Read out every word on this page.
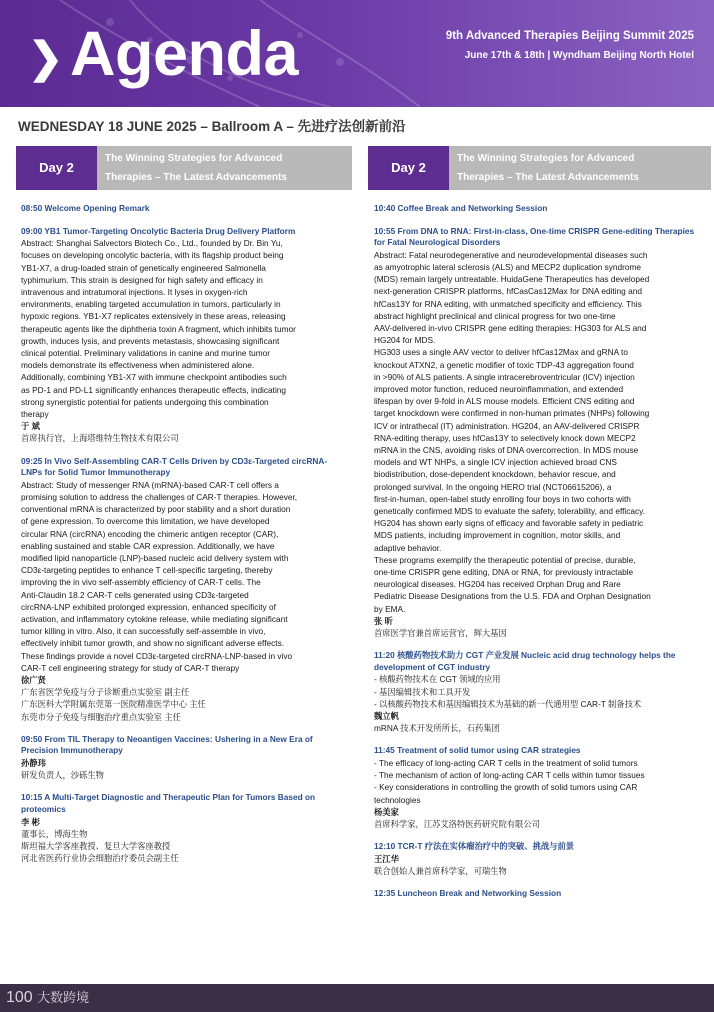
❯ Agenda	9th Advanced Therapies Beijing Summit 2025
June 17th & 18th | Wyndham Beijing North Hotel
WEDNESDAY 18 JUNE 2025 – Ballroom A – 先进疗法创新前沿
Day 2
The Winning Strategies for Advanced
Therapies – The Latest Advancements
Day 2
The Winning Strategies for Advanced
Therapies – The Latest Advancements
08:50 Welcome Opening Remark
09:00 YB1 Tumor-Targeting Oncolytic Bacteria Drug Delivery Platform
Abstract: Shanghai Salvectors Biotech Co., Ltd., founded by Dr. Bin Yu,
focuses on developing oncolytic bacteria, with its flagship product being
YB1-X7, a drug-loaded strain of genetically engineered Salmonella
typhimurium. This strain is designed for high safety and efficacy in
intravenous and intratumoral injections. It lyses in oxygen-rich
environments, enabling targeted accumulation in tumors, particularly in
hypoxic regions. YB1-X7 replicates extensively in these areas, releasing
therapeutic agents like the diphtheria toxin A fragment, which inhibits tumor
growth, induces lysis, and prevents metastasis, showcasing significant
clinical potential. Preliminary validations in canine and murine tumor
models demonstrate its effectiveness when administered alone.
Additionally, combining YB1-X7 with immune checkpoint antibodies such
as PD-1 and PD-L1 significantly enhances therapeutic effects, indicating
strong synergistic potential for patients undergoing this combination
therapy
于 斌
首席执行官，上海塔维特生物技术有限公司
09:25 In Vivo Self-Assembling CAR-T Cells Driven by CD3ε-Targeted circRNA-LNPs for Solid Tumor Immunotherapy
Abstract: Study of messenger RNA (mRNA)-based CAR-T cell offers a
promising solution to address the challenges of CAR-T therapies. However,
conventional mRNA is characterized by poor stability and a short duration
of gene expression. To overcome this limitation, we have developed
circular RNA (circRNA) encoding the chimeric antigen receptor (CAR),
enabling sustained and stable CAR expression. Additionally, we have
modified lipid nanoparticle (LNP)-based nucleic acid delivery system with
CD3ε-targeting peptides to enhance T cell-specific targeting, thereby
improving the in vivo self-assembly efficiency of CAR-T cells. The
Anti-Claudin 18.2 CAR-T cells generated using CD3ε-targeted
circRNA-LNP exhibited prolonged expression, enhanced specificity of
activation, and inflammatory cytokine release, while mediating significant
tumor killing in vitro. Also, it can successfully self-assemble in vivo,
effectively inhibit tumor growth, and show no significant adverse effects.
These findings provide a novel CD3ε-targeted circRNA-LNP-based in vivo
CAR-T cell engineering strategy for study of CAR-T therapy
徐广贤
广东省医学免疫与分子诊断重点实验室 副主任
广东医科大学附属东莞第一医院精准医学中心 主任
东莞市分子免疫与细胞治疗重点实验室 主任
09:50 From TIL Therapy to Neoantigen Vaccines: Ushering in a New Era of Precision Immunotherapy
孙静玮
研发负责人，沙砾生物
10:15 A Multi-Target Diagnostic and Therapeutic Plan for Tumors Based on proteomics
李 彬
董事长，博海生物
斯坦福大学客座教授、复旦大学客座教授
河北省医药行业协会细胞治疗委员会副主任
10:40 Coffee Break and Networking Session
10:55 From DNA to RNA: First-in-class, One-time CRISPR Gene-editing Therapies for Fatal Neurological Disorders
Abstract: Fatal neurodegenerative and neurodevelopmental diseases such
as amyotrophic lateral sclerosis (ALS) and MECP2 duplication syndrome
(MDS) remain largely untreatable. HuidaGene Therapeutics has developed
next-generation CRISPR platforms, hfCasCas12Max for DNA editing and
hfCas13Y for RNA editing, with unmatched specificity and efficiency. This
abstract highlight preclinical and clinical progress for two one-time
AAV-delivered in-vivo CRISPR gene editing therapies: HG303 for ALS and
HG204 for MDS.
HG303 uses a single AAV vector to deliver hfCas12Max and gRNA to
knockout ATXN2, a genetic modifier of toxic TDP-43 aggregation found
in >90% of ALS patients. A single intracerebroventricular (ICV) injection
improved motor function, reduced neuroinflammation, and extended
lifespan by over 9-fold in ALS mouse models. Efficient CNS editing and
target knockdown were confirmed in non-human primates (NHPs) following
ICV or intrathecal (IT) administration. HG204, an AAV-delivered CRISPR
RNA-editing therapy, uses hfCas13Y to selectively knock down MECP2
mRNA in the CNS, avoiding risks of DNA overcorrection. In MDS mouse
models and WT NHPs, a single ICV injection achieved broad CNS
biodistribution, dose-dependent knockdown, behavior rescue, and
prolonged survival. In the ongoing HERO trial (NCT06615206), a
first-in-human, open-label study enrolling four boys in two cohorts with
genetically confirmed MDS to evaluate the safety, tolerability, and efficacy.
HG204 has shown early signs of efficacy and favorable safety in pediatric
MDS patients, including improvement in cognition, motor skills, and
adaptive behavior.
These programs exemplify the therapeutic potential of precise, durable,
one-time CRISPR gene editing, DNA or RNA, for previously intractable
neurological diseases. HG204 has received Orphan Drug and Rare
Pediatric Disease Designations from the U.S. FDA and Orphan Designation
by EMA.
张 昕
首席医学官兼首席运营官，辉大基因
11:20 核酸药物技术助力 CGT 产业发展 Nucleic acid drug technology helps the development of CGT industry
- 核酸药物技术在 CGT 领域的应用
- 基因编辑技术和工具开发
- 以核酸药物技术和基因编辑技术为基础的新一代通用型 CAR-T 制备技术
魏立帆
mRNA 技术开发所所长，石药集团
11:45 Treatment of solid tumor using CAR strategies
- The efficacy of long-acting CAR T cells in the treatment of solid tumors
- The mechanism of action of long-acting CAR T cells within tumor tissues
- Key considerations in controlling the growth of solid tumors using CAR
technologies
杨美家
首席科学家，江苏艾洛特医药研究院有限公司
12:10 TCR-T 疗法在实体瘤治疗中的突破、挑战与前景
王江华
联合创始人兼首席科学家，可瑞生物
12:35 Luncheon Break and Networking Session
100 大数跨境
